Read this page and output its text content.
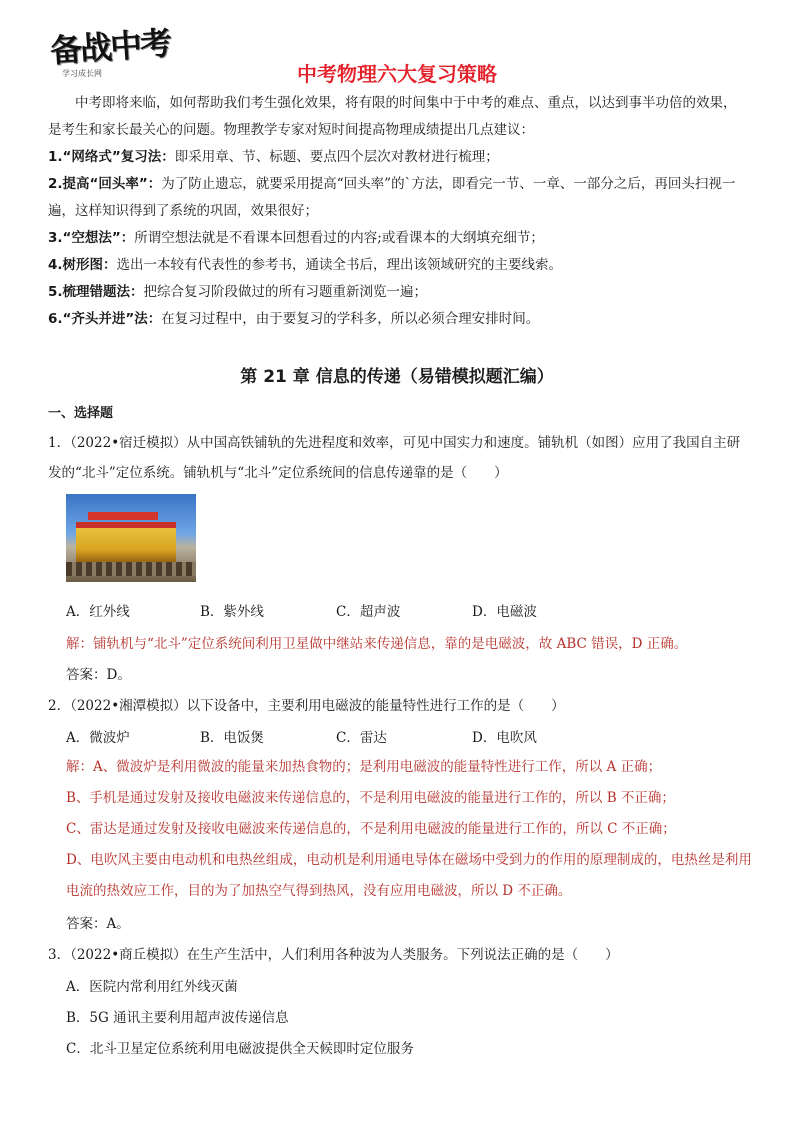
备战中考
学习成长网	中考物理六大复习策略
中考即将来临，如何帮助我们考生强化效果，将有限的时间集中于中考的难点、重点，以达到事半功倍的效果，是考生和家长最关心的问题。物理教学专家对短时间提高物理成绩提出几点建议：
1.“网络式”复习法：即采用章、节、标题、要点四个层次对教材进行梳理；
2.提高“回头率”：为了防止遗忘，就要采用提高“回头率”的`方法，即看完一节、一章、一部分之后，再回头扫视一遍，这样知识得到了系统的巩固，效果很好；
3.“空想法”：所谓空想法就是不看课本回想看过的内容;或看课本的大纲填充细节；
4.树形图：选出一本较有代表性的参考书，通读全书后，理出该领域研究的主要线索。
5.梳理错题法：把综合复习阶段做过的所有习题重新浏览一遍；
6.“齐头并进”法：在复习过程中，由于要复习的学科多，所以必须合理安排时间。
第 21 章 信息的传递（易错模拟题汇编）
一、选择题
1．（2022•宿迁模拟）从中国高铁铺轨的先进程度和效率，可见中国实力和速度。铺轨机（如图）应用了我国自主研发的“北斗”定位系统。铺轨机与“北斗”定位系统间的信息传递靠的是（　　）
A．红外线	B．紫外线	C．超声波	D．电磁波
解：铺轨机与“北斗”定位系统间利用卫星做中继站来传递信息，靠的是电磁波，故 ABC 错误，D 正确。
答案：D。
2．（2022•湘潭模拟）以下设备中，主要利用电磁波的能量特性进行工作的是（　　）
A．微波炉	B．电饭煲	C．雷达	D．电吹风
解：A、微波炉是利用微波的能量来加热食物的；是利用电磁波的能量特性进行工作，所以 A 正确；
B、手机是通过发射及接收电磁波来传递信息的，不是利用电磁波的能量进行工作的，所以 B 不正确；
C、雷达是通过发射及接收电磁波来传递信息的，不是利用电磁波的能量进行工作的，所以 C 不正确；
D、电吹风主要由电动机和电热丝组成，电动机是利用通电导体在磁场中受到力的作用的原理制成的，电热丝是利用电流的热效应工作，目的为了加热空气得到热风，没有应用电磁波，所以 D 不正确。
答案：A。
3．（2022•商丘模拟）在生产生活中，人们利用各种波为人类服务。下列说法正确的是（　　）
A．医院内常利用红外线灭菌
B．5G 通讯主要利用超声波传递信息
C．北斗卫星定位系统利用电磁波提供全天候即时定位服务
